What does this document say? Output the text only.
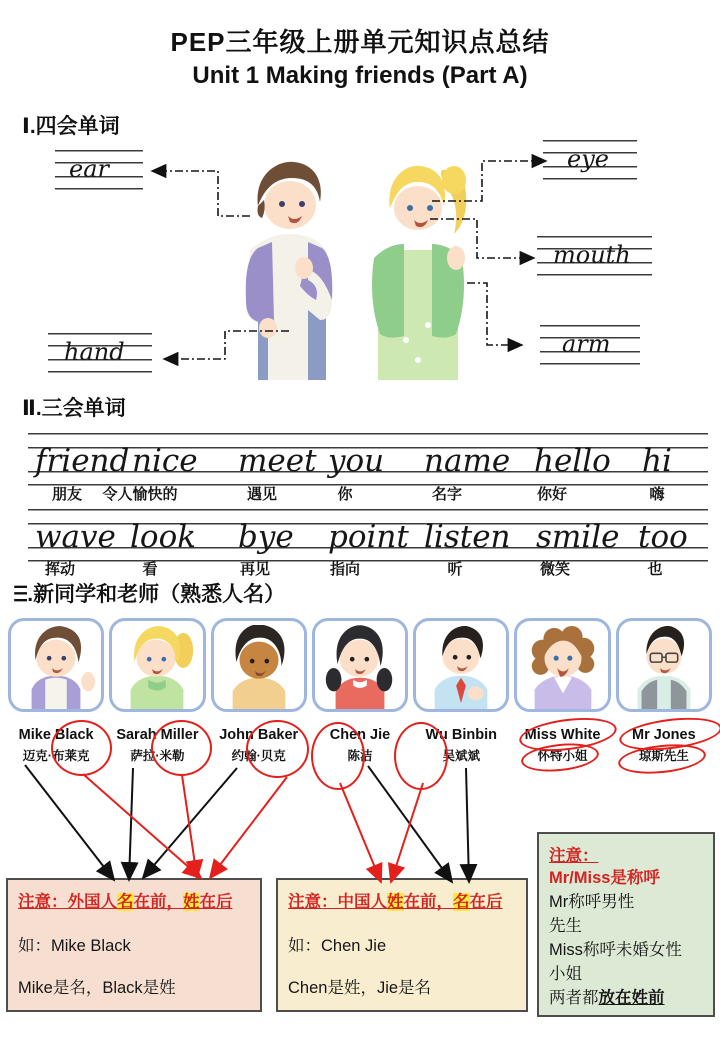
PEP三年级上册单元知识点总结
Unit 1 Making friends (Part A)
Ⅰ.四会单词
ear	eye
mouth
arm
hand
Ⅱ.三会单词
friend nice meet you name hello hi
朋友	令人愉快的	遇见	你	名字	你好	嗨
wave look bye point listen smile too
挥动	看	再见	指向	听	微笑	也
Ⲷ.新同学和老师（熟悉人名）
Mike Black
迈克·布莱克
Sarah Miller
萨拉·米勒
John Baker
约翰·贝克
Chen Jie
陈洁
Wu Binbin
吴斌斌
Miss White
怀特小姐
Mr Jones
琼斯先生
注意：外国人名在前，姓在后
如：Mike Black
Mike是名，Black是姓
注意：中国人姓在前，名在后
如：Chen Jie
Chen是姓，Jie是名
注意：
Mr/Miss是称呼
Mr称呼男性
先生
Miss称呼未婚女性
小姐
两者都放在姓前
